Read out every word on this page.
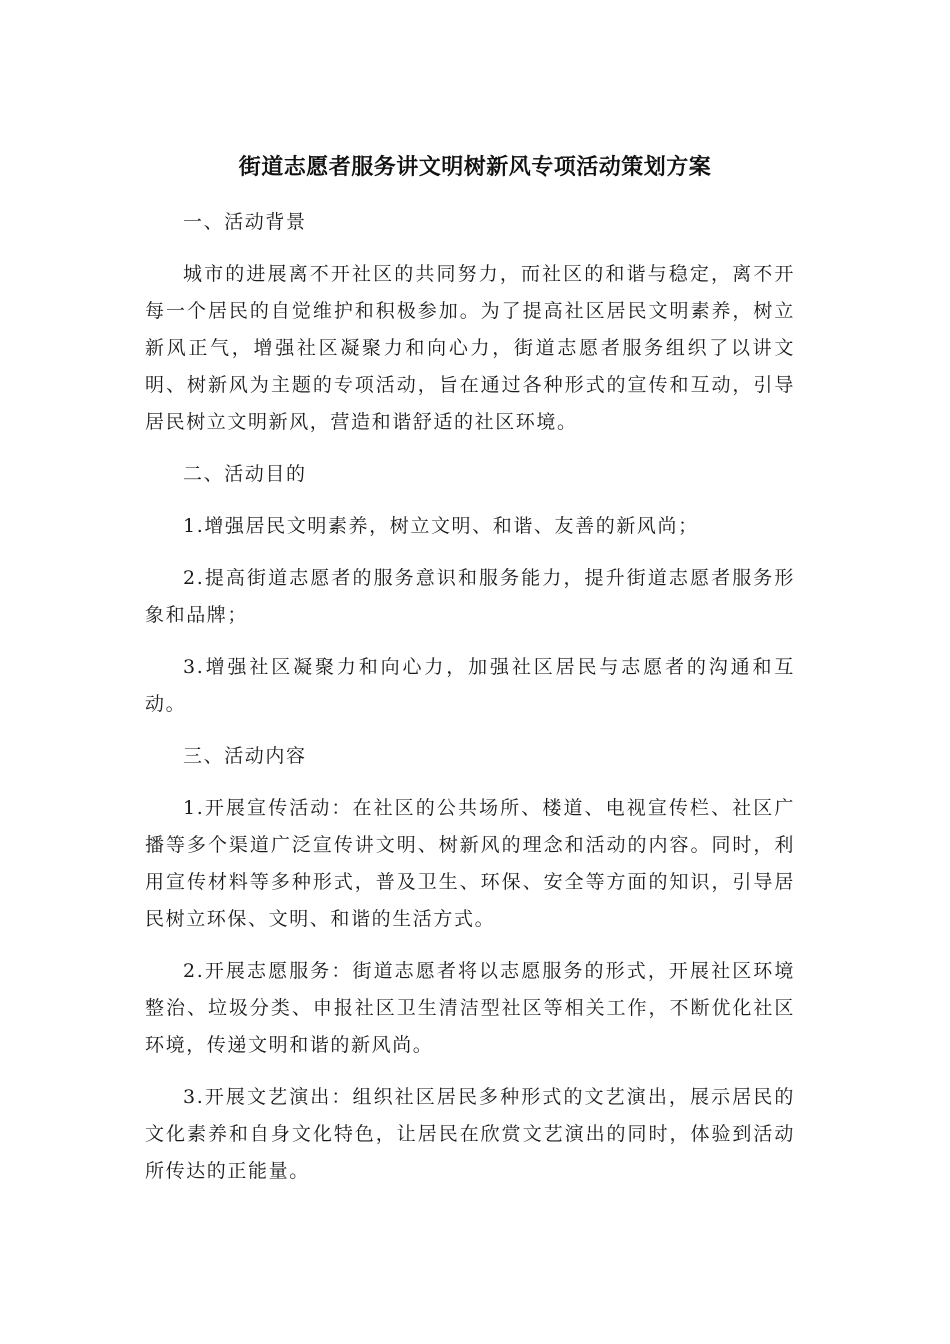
街道志愿者服务讲文明树新风专项活动策划方案

一、活动背景

城市的进展离不开社区的共同努力，而社区的和谐与稳定，离不开每一个居民的自觉维护和积极参加。为了提高社区居民文明素养，树立新风正气，增强社区凝聚力和向心力，街道志愿者服务组织了以讲文明、树新风为主题的专项活动，旨在通过各种形式的宣传和互动，引导居民树立文明新风，营造和谐舒适的社区环境。

二、活动目的

1.增强居民文明素养，树立文明、和谐、友善的新风尚；

2.提高街道志愿者的服务意识和服务能力，提升街道志愿者服务形象和品牌；

3.增强社区凝聚力和向心力，加强社区居民与志愿者的沟通和互动。

三、活动内容

1.开展宣传活动：在社区的公共场所、楼道、电视宣传栏、社区广播等多个渠道广泛宣传讲文明、树新风的理念和活动的内容。同时，利用宣传材料等多种形式，普及卫生、环保、安全等方面的知识，引导居民树立环保、文明、和谐的生活方式。

2.开展志愿服务：街道志愿者将以志愿服务的形式，开展社区环境整治、垃圾分类、申报社区卫生清洁型社区等相关工作，不断优化社区环境，传递文明和谐的新风尚。

3.开展文艺演出：组织社区居民多种形式的文艺演出，展示居民的文化素养和自身文化特色，让居民在欣赏文艺演出的同时，体验到活动所传达的正能量。
